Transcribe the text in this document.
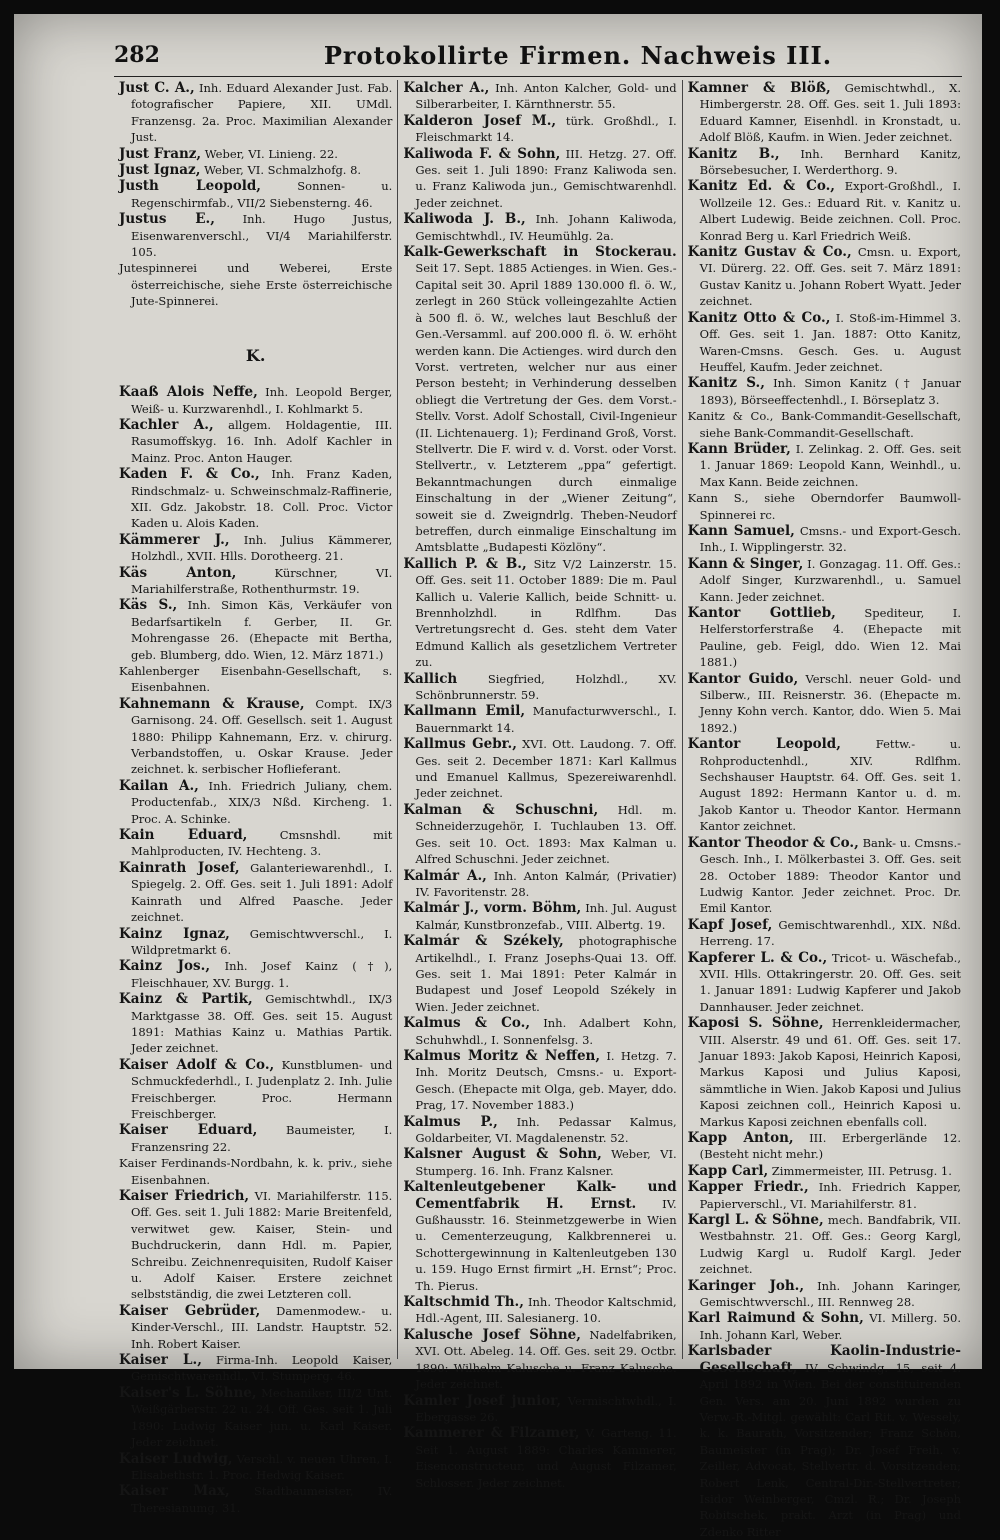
282	Protokollirte Firmen. Nachweis III.

Just C. A., Inh. Eduard Alexander Just. Fab. fotografischer Papiere, XII. UMdl. Franzensg. 2a. Proc. Maximilian Alexander Just.

Just Franz, Weber, VI. Linieng. 22.

Just Ignaz, Weber, VI. Schmalzhofg. 8.

Justh Leopold, Sonnen- u. Regenschirmfab., VII/2 Siebensterng. 46.

Justus E., Inh. Hugo Justus, Eisenwarenverschl., VI/4 Mariahilferstr. 105.

Jutespinnerei und Weberei, Erste österreichische, siehe Erste österreichische Jute-Spinnerei.

K.

Kaaß Alois Neffe, Inh. Leopold Berger, Weiß- u. Kurzwarenhdl., I. Kohlmarkt 5.

Kachler A., allgem. Holdagentie, III. Rasumoffskyg. 16. Inh. Adolf Kachler in Mainz. Proc. Anton Hauger.

Kaden F. & Co., Inh. Franz Kaden, Rindschmalz- u. Schweinschmalz-Raffinerie, XII. Gdz. Jakobstr. 18. Coll. Proc. Victor Kaden u. Alois Kaden.

Kämmerer J., Inh. Julius Kämmerer, Holzhdl., XVII. Hlls. Dorotheerg. 21.

Käs Anton, Kürschner, VI. Mariahilferstraße, Rothenthurmstr. 19.

Käs S., Inh. Simon Käs, Verkäufer von Bedarfsartikeln f. Gerber, II. Gr. Mohrengasse 26. (Ehepacte mit Bertha, geb. Blumberg, ddo. Wien, 12. März 1871.)

Kahlenberger Eisenbahn-Gesellschaft, s. Eisenbahnen.

Kahnemann & Krause, Compt. IX/3 Garnisong. 24. Off. Gesellsch. seit 1. August 1880: Philipp Kahnemann, Erz. v. chirurg. Verbandstoffen, u. Oskar Krause. Jeder zeichnet. k. serbischer Hoflieferant.

Kailan A., Inh. Friedrich Juliany, chem. Productenfab., XIX/3 Nßd. Kircheng. 1. Proc. A. Schinke.

Kain Eduard, Cmsnshdl. mit Mahlproducten, IV. Hechteng. 3.

Kainrath Josef, Galanteriewarenhdl., I. Spiegelg. 2. Off. Ges. seit 1. Juli 1891: Adolf Kainrath und Alfred Paasche. Jeder zeichnet.

Kainz Ignaz, Gemischtwverschl., I. Wildpretmarkt 6.

Kainz Jos., Inh. Josef Kainz (†), Fleischhauer, XV. Burgg. 1.

Kainz & Partik, Gemischtwhdl., IX/3 Marktgasse 38. Off. Ges. seit 15. August 1891: Mathias Kainz u. Mathias Partik. Jeder zeichnet.

Kaiser Adolf & Co., Kunstblumen- und Schmuckfederhdl., I. Judenplatz 2. Inh. Julie Freischberger. Proc. Hermann Freischberger.

Kaiser Eduard, Baumeister, I. Franzensring 22.

Kaiser Ferdinands-Nordbahn, k. k. priv., siehe Eisenbahnen.

Kaiser Friedrich, VI. Mariahilferstr. 115. Off. Ges. seit 1. Juli 1882: Marie Breitenfeld, verwitwet gew. Kaiser, Stein- und Buchdruckerin, dann Hdl. m. Papier, Schreibu. Zeichnenrequisiten, Rudolf Kaiser u. Adolf Kaiser. Erstere zeichnet selbstständig, die zwei Letzteren coll.

Kaiser Gebrüder, Damenmodew.- u. Kinder-Verschl., III. Landstr. Hauptstr. 52. Inh. Robert Kaiser.

Kaiser L., Firma-Inh. Leopold Kaiser, Gemischtwarenhdl., VI. Stumperg. 46.

Kaiser's L. Söhne, Mechaniker, III/2 Unt. Weißgärberstr. 22 u. 24. Off. Ges. seit 1. Juli 1890: Ludwig Kaiser jun. u. Karl Kaiser. Jeder zeichnet.

Kaiser Ludwig, Verschl. v. neuen Uhren, I. Elisabethstr. 1. Proc. Hedwig Kaiser.

Kaiser Max, Stadtbaumeister, IV. Theresianumg. 31.

Kalcher A., Inh. Anton Kalcher, Gold- und Silberarbeiter, I. Kärnthnerstr. 55.

Kalderon Josef M., türk. Großhdl., I. Fleischmarkt 14.

Kaliwoda F. & Sohn, III. Hetzg. 27. Off. Ges. seit 1. Juli 1890: Franz Kaliwoda sen. u. Franz Kaliwoda jun., Gemischtwarenhdl. Jeder zeichnet.

Kaliwoda J. B., Inh. Johann Kaliwoda, Gemischtwhdl., IV. Heumühlg. 2a.

Kalk-Gewerkschaft in Stockerau. Seit 17. Sept. 1885 Actienges. in Wien. Ges.-Capital seit 30. April 1889 130.000 fl. ö. W., zerlegt in 260 Stück volleingezahlte Actien à 500 fl. ö. W., welches laut Beschluß der Gen.-Versamml. auf 200.000 fl. ö. W. erhöht werden kann. Die Actienges. wird durch den Vorst. vertreten, welcher nur aus einer Person besteht; in Verhinderung desselben obliegt die Vertretung der Ges. dem Vorst.-Stellv. Vorst. Adolf Schostall, Civil-Ingenieur (II. Lichtenauerg. 1); Ferdinand Groß, Vorst. Stellvertr. Die F. wird v. d. Vorst. oder Vorst. Stellvertr., v. Letzterem „ppa“ gefertigt. Bekanntmachungen durch einmalige Einschaltung in der „Wiener Zeitung“, soweit sie d. Zweigndrlg. Theben-Neudorf betreffen, durch einmalige Einschaltung im Amtsblatte „Budapesti Közlöny“.

Kallich P. & B., Sitz V/2 Lainzerstr. 15. Off. Ges. seit 11. October 1889: Die m. Paul Kallich u. Valerie Kallich, beide Schnitt- u. Brennholzhdl. in Rdlfhm. Das Vertretungsrecht d. Ges. steht dem Vater Edmund Kallich als gesetzlichem Vertreter zu.

Kallich Siegfried, Holzhdl., XV. Schönbrunnerstr. 59.

Kallmann Emil, Manufacturwverschl., I. Bauernmarkt 14.

Kallmus Gebr., XVI. Ott. Laudong. 7. Off. Ges. seit 2. December 1871: Karl Kallmus und Emanuel Kallmus, Spezereiwarenhdl. Jeder zeichnet.

Kalman & Schuschni, Hdl. m. Schneiderzugehör, I. Tuchlauben 13. Off. Ges. seit 10. Oct. 1893: Max Kalman u. Alfred Schuschni. Jeder zeichnet.

Kalmár A., Inh. Anton Kalmár, (Privatier) IV. Favoritenstr. 28.

Kalmár J., vorm. Böhm, Inh. Jul. August Kalmár, Kunstbronzefab., VIII. Albertg. 19.

Kalmár & Székely, photographische Artikelhdl., I. Franz Josephs-Quai 13. Off. Ges. seit 1. Mai 1891: Peter Kalmár in Budapest und Josef Leopold Székely in Wien. Jeder zeichnet.

Kalmus & Co., Inh. Adalbert Kohn, Schuhwhdl., I. Sonnenfelsg. 3.

Kalmus Moritz & Neffen, I. Hetzg. 7. Inh. Moritz Deutsch, Cmsns.- u. Export-Gesch. (Ehepacte mit Olga, geb. Mayer, ddo. Prag, 17. November 1883.)

Kalmus P., Inh. Pedassar Kalmus, Goldarbeiter, VI. Magdalenenstr. 52.

Kalsner August & Sohn, Weber, VI. Stumperg. 16. Inh. Franz Kalsner.

Kaltenleutgebener Kalk- und Cementfabrik H. Ernst. IV. Gußhausstr. 16. Steinmetzgewerbe in Wien u. Cementerzeugung, Kalkbrennerei u. Schottergewinnung in Kaltenleutgeben 130 u. 159. Hugo Ernst firmirt „H. Ernst“; Proc. Th. Pierus.

Kaltschmid Th., Inh. Theodor Kaltschmid, Hdl.-Agent, III. Salesianerg. 10.

Kalusche Josef Söhne, Nadelfabriken, XVI. Ott. Abeleg. 14. Off. Ges. seit 29. Octbr. 1890: Wilhelm Kalusche u. Franz Kalusche. Jeder zeichnet.

Kamler Josef junior, Vermischtwhdl., I. Ebergasse 26.

Kammerer & Filzamer, V. Garteng. 11. Seit 1. August 1889: Charles Kammerer, Eisenconstructeur, und August Filzamer, Schlosser. Jeder zeichnet.

Kamner & Blöß, Gemischtwhdl., X. Himbergerstr. 28. Off. Ges. seit 1. Juli 1893: Eduard Kamner, Eisenhdl. in Kronstadt, u. Adolf Blöß, Kaufm. in Wien. Jeder zeichnet.

Kanitz B., Inh. Bernhard Kanitz, Börsebesucher, I. Werderthorg. 9.

Kanitz Ed. & Co., Export-Großhdl., I. Wollzeile 12. Ges.: Eduard Rit. v. Kanitz u. Albert Ludewig. Beide zeichnen. Coll. Proc. Konrad Berg u. Karl Friedrich Weiß.

Kanitz Gustav & Co., Cmsn. u. Export, VI. Dürerg. 22. Off. Ges. seit 7. März 1891: Gustav Kanitz u. Johann Robert Wyatt. Jeder zeichnet.

Kanitz Otto & Co., I. Stoß-im-Himmel 3. Off. Ges. seit 1. Jan. 1887: Otto Kanitz, Waren-Cmsns. Gesch. Ges. u. August Heuffel, Kaufm. Jeder zeichnet.

Kanitz S., Inh. Simon Kanitz († Januar 1893), Börseeffectenhdl., I. Börseplatz 3.

Kanitz & Co., Bank-Commandit-Gesellschaft, siehe Bank-Commandit-Gesellschaft.

Kann Brüder, I. Zelinkag. 2. Off. Ges. seit 1. Januar 1869: Leopold Kann, Weinhdl., u. Max Kann. Beide zeichnen.

Kann S., siehe Oberndorfer Baumwoll-Spinnerei rc.

Kann Samuel, Cmsns.- und Export-Gesch. Inh., I. Wipplingerstr. 32.

Kann & Singer, I. Gonzagag. 11. Off. Ges.: Adolf Singer, Kurzwarenhdl., u. Samuel Kann. Jeder zeichnet.

Kantor Gottlieb, Spediteur, I. Helferstorferstraße 4. (Ehepacte mit Pauline, geb. Feigl, ddo. Wien 12. Mai 1881.)

Kantor Guido, Verschl. neuer Gold- und Silberw., III. Reisnerstr. 36. (Ehepacte m. Jenny Kohn verch. Kantor, ddo. Wien 5. Mai 1892.)

Kantor Leopold, Fettw.- u. Rohproductenhdl., XIV. Rdlfhm. Sechshauser Hauptstr. 64. Off. Ges. seit 1. August 1892: Hermann Kantor u. d. m. Jakob Kantor u. Theodor Kantor. Hermann Kantor zeichnet.

Kantor Theodor & Co., Bank- u. Cmsns.-Gesch. Inh., I. Mölkerbastei 3. Off. Ges. seit 28. October 1889: Theodor Kantor und Ludwig Kantor. Jeder zeichnet. Proc. Dr. Emil Kantor.

Kapf Josef, Gemischtwarenhdl., XIX. Nßd. Herreng. 17.

Kapferer L. & Co., Tricot- u. Wäschefab., XVII. Hlls. Ottakringerstr. 20. Off. Ges. seit 1. Januar 1891: Ludwig Kapferer und Jakob Dannhauser. Jeder zeichnet.

Kaposi S. Söhne, Herrenkleidermacher, VIII. Alserstr. 49 und 61. Off. Ges. seit 17. Januar 1893: Jakob Kaposi, Heinrich Kaposi, Markus Kaposi und Julius Kaposi, sämmtliche in Wien. Jakob Kaposi und Julius Kaposi zeichnen coll., Heinrich Kaposi u. Markus Kaposi zeichnen ebenfalls coll.

Kapp Anton, III. Erbergerlände 12. (Besteht nicht mehr.)

Kapp Carl, Zimmermeister, III. Petrusg. 1.

Kapper Friedr., Inh. Friedrich Kapper, Papierverschl., VI. Mariahilferstr. 81.

Kargl L. & Söhne, mech. Bandfabrik, VII. Westbahnstr. 21. Off. Ges.: Georg Kargl, Ludwig Kargl u. Rudolf Kargl. Jeder zeichnet.

Karinger Joh., Inh. Johann Karinger, Gemischtwverschl., III. Rennweg 28.

Karl Raimund & Sohn, VI. Millerg. 50. Inh. Johann Karl, Weber.

Karlsbader Kaolin-Industrie-Gesellschaft, IV. Schwindg. 15, seit 4. April 1892 in Wien. Bei der constituirenden Gen. Vers. am 20. Juni 1892 wurden zu Verw.-R.-Mitgl. gewählt: Carl Rit. v. Wessely, k. k. Baurath, Vorsitzender; Franz Schön, Baumeister (in Prag); Dr. Josef Freih. v. Zeiller, Advocat, Stellvertr. d. Vorsitzenden; Robert Lenk, Central-Dir.-Stellvertreter; Isidor Weinberger, Cmzl. R.; Dr. Joseph Robitschek, prakt. Arzt (in Prag) und Zdenko Ritter
